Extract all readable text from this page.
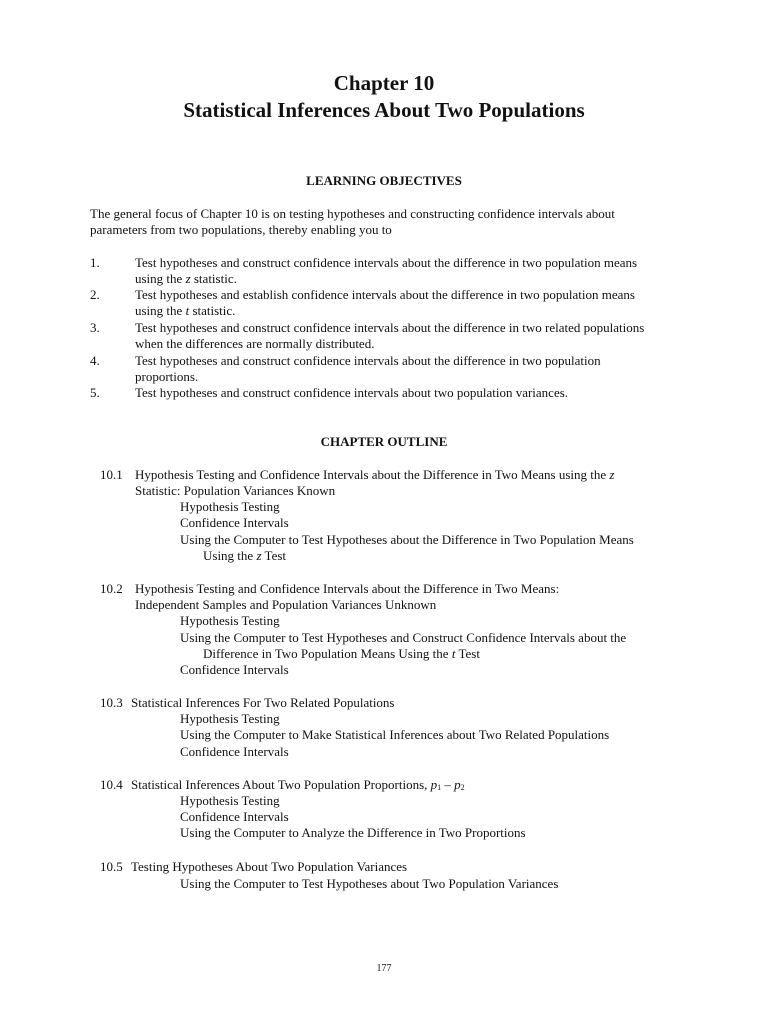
Chapter 10
Statistical Inferences About Two Populations
LEARNING OBJECTIVES
The general focus of Chapter 10 is on testing hypotheses and constructing confidence intervals about
parameters from two populations, thereby enabling you to
1.	Test hypotheses and construct confidence intervals about the difference in two population means
using the z statistic.
2.	Test hypotheses and establish confidence intervals about the difference in two population means
using the t statistic.
3.	Test hypotheses and construct confidence intervals about the difference in two related populations
when the differences are normally distributed.
4.	Test hypotheses and construct confidence intervals about the difference in two population
proportions.
5.	Test hypotheses and construct confidence intervals about two population variances.
CHAPTER OUTLINE
10.1 Hypothesis Testing and Confidence Intervals about the Difference in Two Means using the z
Statistic: Population Variances Known
Hypothesis Testing
Confidence Intervals
Using the Computer to Test Hypotheses about the Difference in Two Population Means
Using the z Test
10.2 Hypothesis Testing and Confidence Intervals about the Difference in Two Means:
Independent Samples and Population Variances Unknown
Hypothesis Testing
Using the Computer to Test Hypotheses and Construct Confidence Intervals about the
Difference in Two Population Means Using the t Test
Confidence Intervals
10.3 Statistical Inferences For Two Related Populations
Hypothesis Testing
Using the Computer to Make Statistical Inferences about Two Related Populations
Confidence Intervals
10.4 Statistical Inferences About Two Population Proportions, $p_1 - p_2$
Hypothesis Testing
Confidence Intervals
Using the Computer to Analyze the Difference in Two Proportions
10.5 Testing Hypotheses About Two Population Variances
Using the Computer to Test Hypotheses about Two Population Variances
177
